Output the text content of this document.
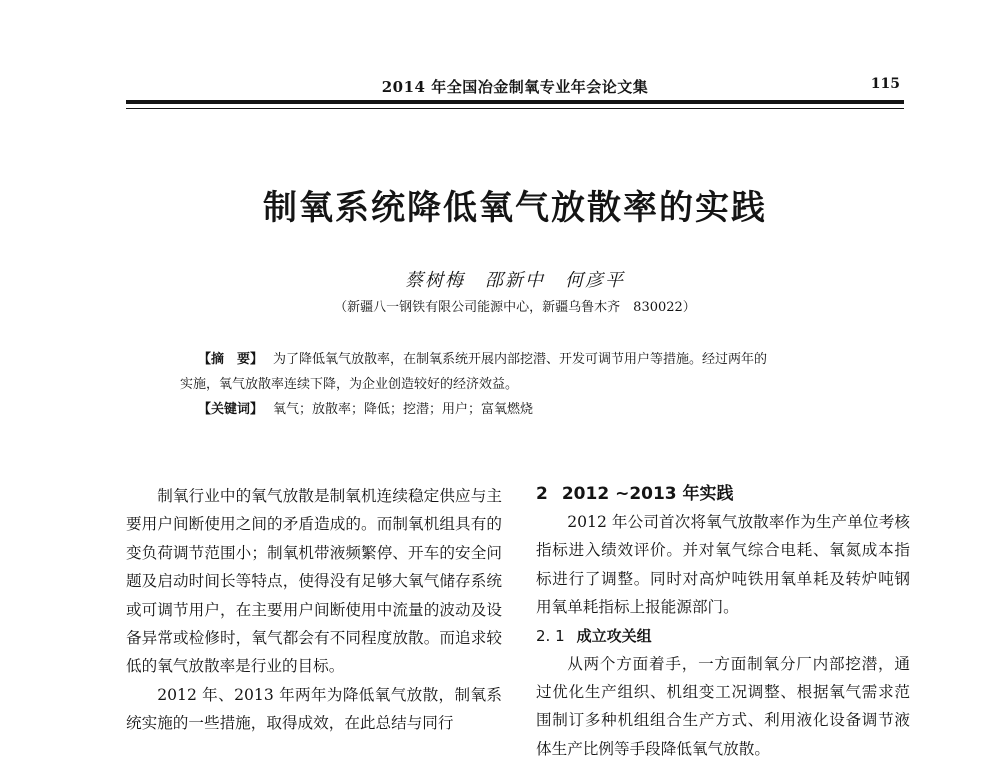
2014 年全国冶金制氧专业年会论文集	115
制氧系统降低氧气放散率的实践
蔡树梅　邵新中　何彦平
（新疆八一钢铁有限公司能源中心，新疆乌鲁木齐　830022）
【摘　要】 为了降低氧气放散率，在制氧系统开展内部挖潜、开发可调节用户等措施。经过两年的
实施，氧气放散率连续下降，为企业创造较好的经济效益。
【关键词】 氧气；放散率；降低；挖潜；用户；富氧燃烧

制氧行业中的氧气放散是制氧机连续稳定供应与主要用户间断使用之间的矛盾造成的。而制氧机组具有的变负荷调节范围小；制氧机带液频繁停、开车的安全问题及启动时间长等特点，使得没有足够大氧气储存系统或可调节用户，在主要用户间断使用中流量的波动及设备异常或检修时，氧气都会有不同程度放散。而追求较低的氧气放散率是行业的目标。

2012 年、2013 年两年为降低氧气放散，制氧系统实施的一些措施，取得成效，在此总结与同行

2 2012 ~2013 年实践

2012 年公司首次将氧气放散率作为生产单位考核指标进入绩效评价。并对氧气综合电耗、氧氮成本指标进行了调整。同时对高炉吨铁用氧单耗及转炉吨钢用氧单耗指标上报能源部门。

2. 1 成立攻关组

从两个方面着手，一方面制氧分厂内部挖潜，通过优化生产组织、机组变工况调整、根据氧气需求范围制订多种机组组合生产方式、利用液化设备调节液体生产比例等手段降低氧气放散。
